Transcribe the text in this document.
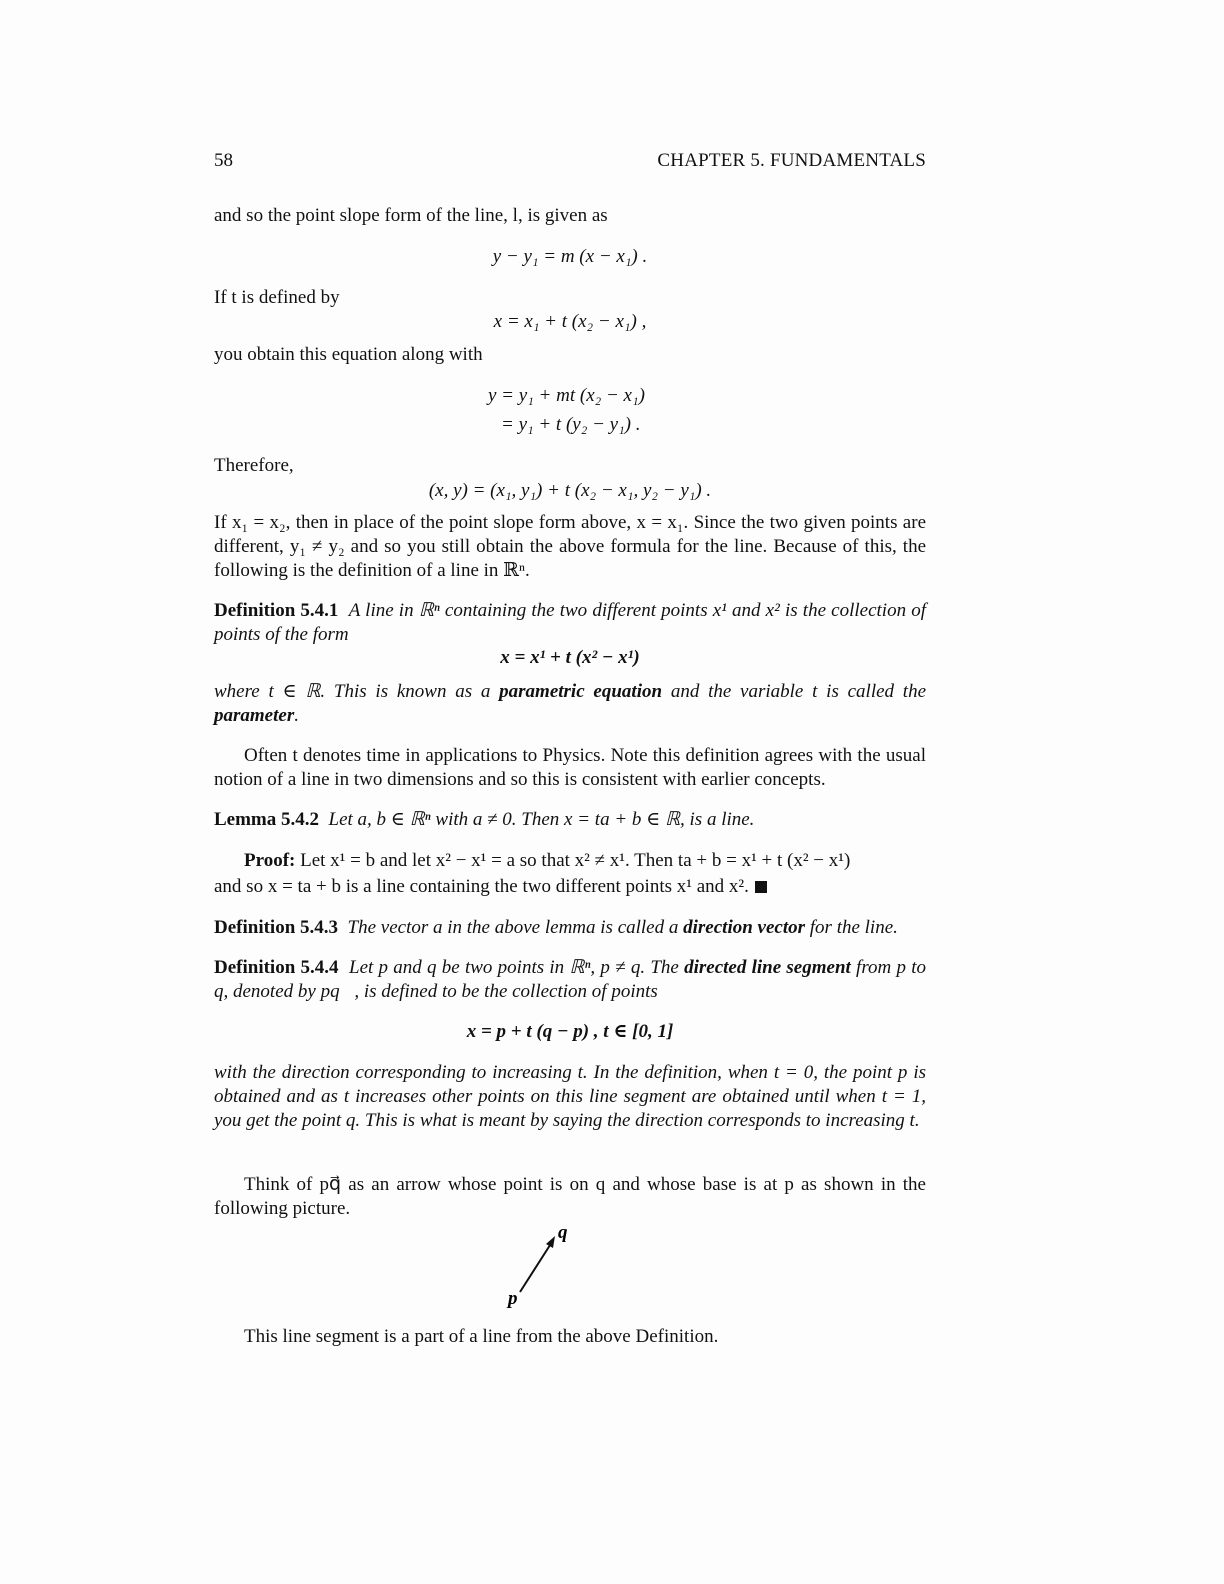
58	CHAPTER 5. FUNDAMENTALS
and so the point slope form of the line, l, is given as
y − y₁ = m (x − x₁) .
If t is defined by
x = x₁ + t (x₂ − x₁) ,
you obtain this equation along with
y = y₁ + mt (x₂ − x₁)
= y₁ + t (y₂ − y₁) .
Therefore,
(x, y) = (x₁, y₁) + t (x₂ − x₁, y₂ − y₁) .
If x₁ = x₂, then in place of the point slope form above, x = x₁. Since the two given points are different, y₁ ≠ y₂ and so you still obtain the above formula for the line. Because of this, the following is the definition of a line in ℝⁿ.
Definition 5.4.1 A line in ℝⁿ containing the two different points x¹ and x² is the collection of points of the form
x = x¹ + t (x² − x¹)
where t ∈ ℝ. This is known as a parametric equation and the variable t is called the parameter.
Often t denotes time in applications to Physics. Note this definition agrees with the usual notion of a line in two dimensions and so this is consistent with earlier concepts.
Lemma 5.4.2 Let a, b ∈ ℝⁿ with a ≠ 0. Then x = ta + b ∈ ℝ, is a line.
Proof: Let x¹ = b and let x² − x¹ = a so that x² ≠ x¹. Then ta + b = x¹ + t (x² − x¹)
and so x = ta + b is a line containing the two different points x¹ and x².
Definition 5.4.3 The vector a in the above lemma is called a direction vector for the line.
Definition 5.4.4 Let p and q be two points in ℝⁿ, p ≠ q. The directed line segment from p to q, denoted by pq⃗, is defined to be the collection of points
x = p + t (q − p) , t ∈ [0, 1]
with the direction corresponding to increasing t. In the definition, when t = 0, the point p is obtained and as t increases other points on this line segment are obtained until when t = 1, you get the point q. This is what is meant by saying the direction corresponds to increasing t.
Think of pq⃗ as an arrow whose point is on q and whose base is at p as shown in the following picture.
q
p
This line segment is a part of a line from the above Definition.
